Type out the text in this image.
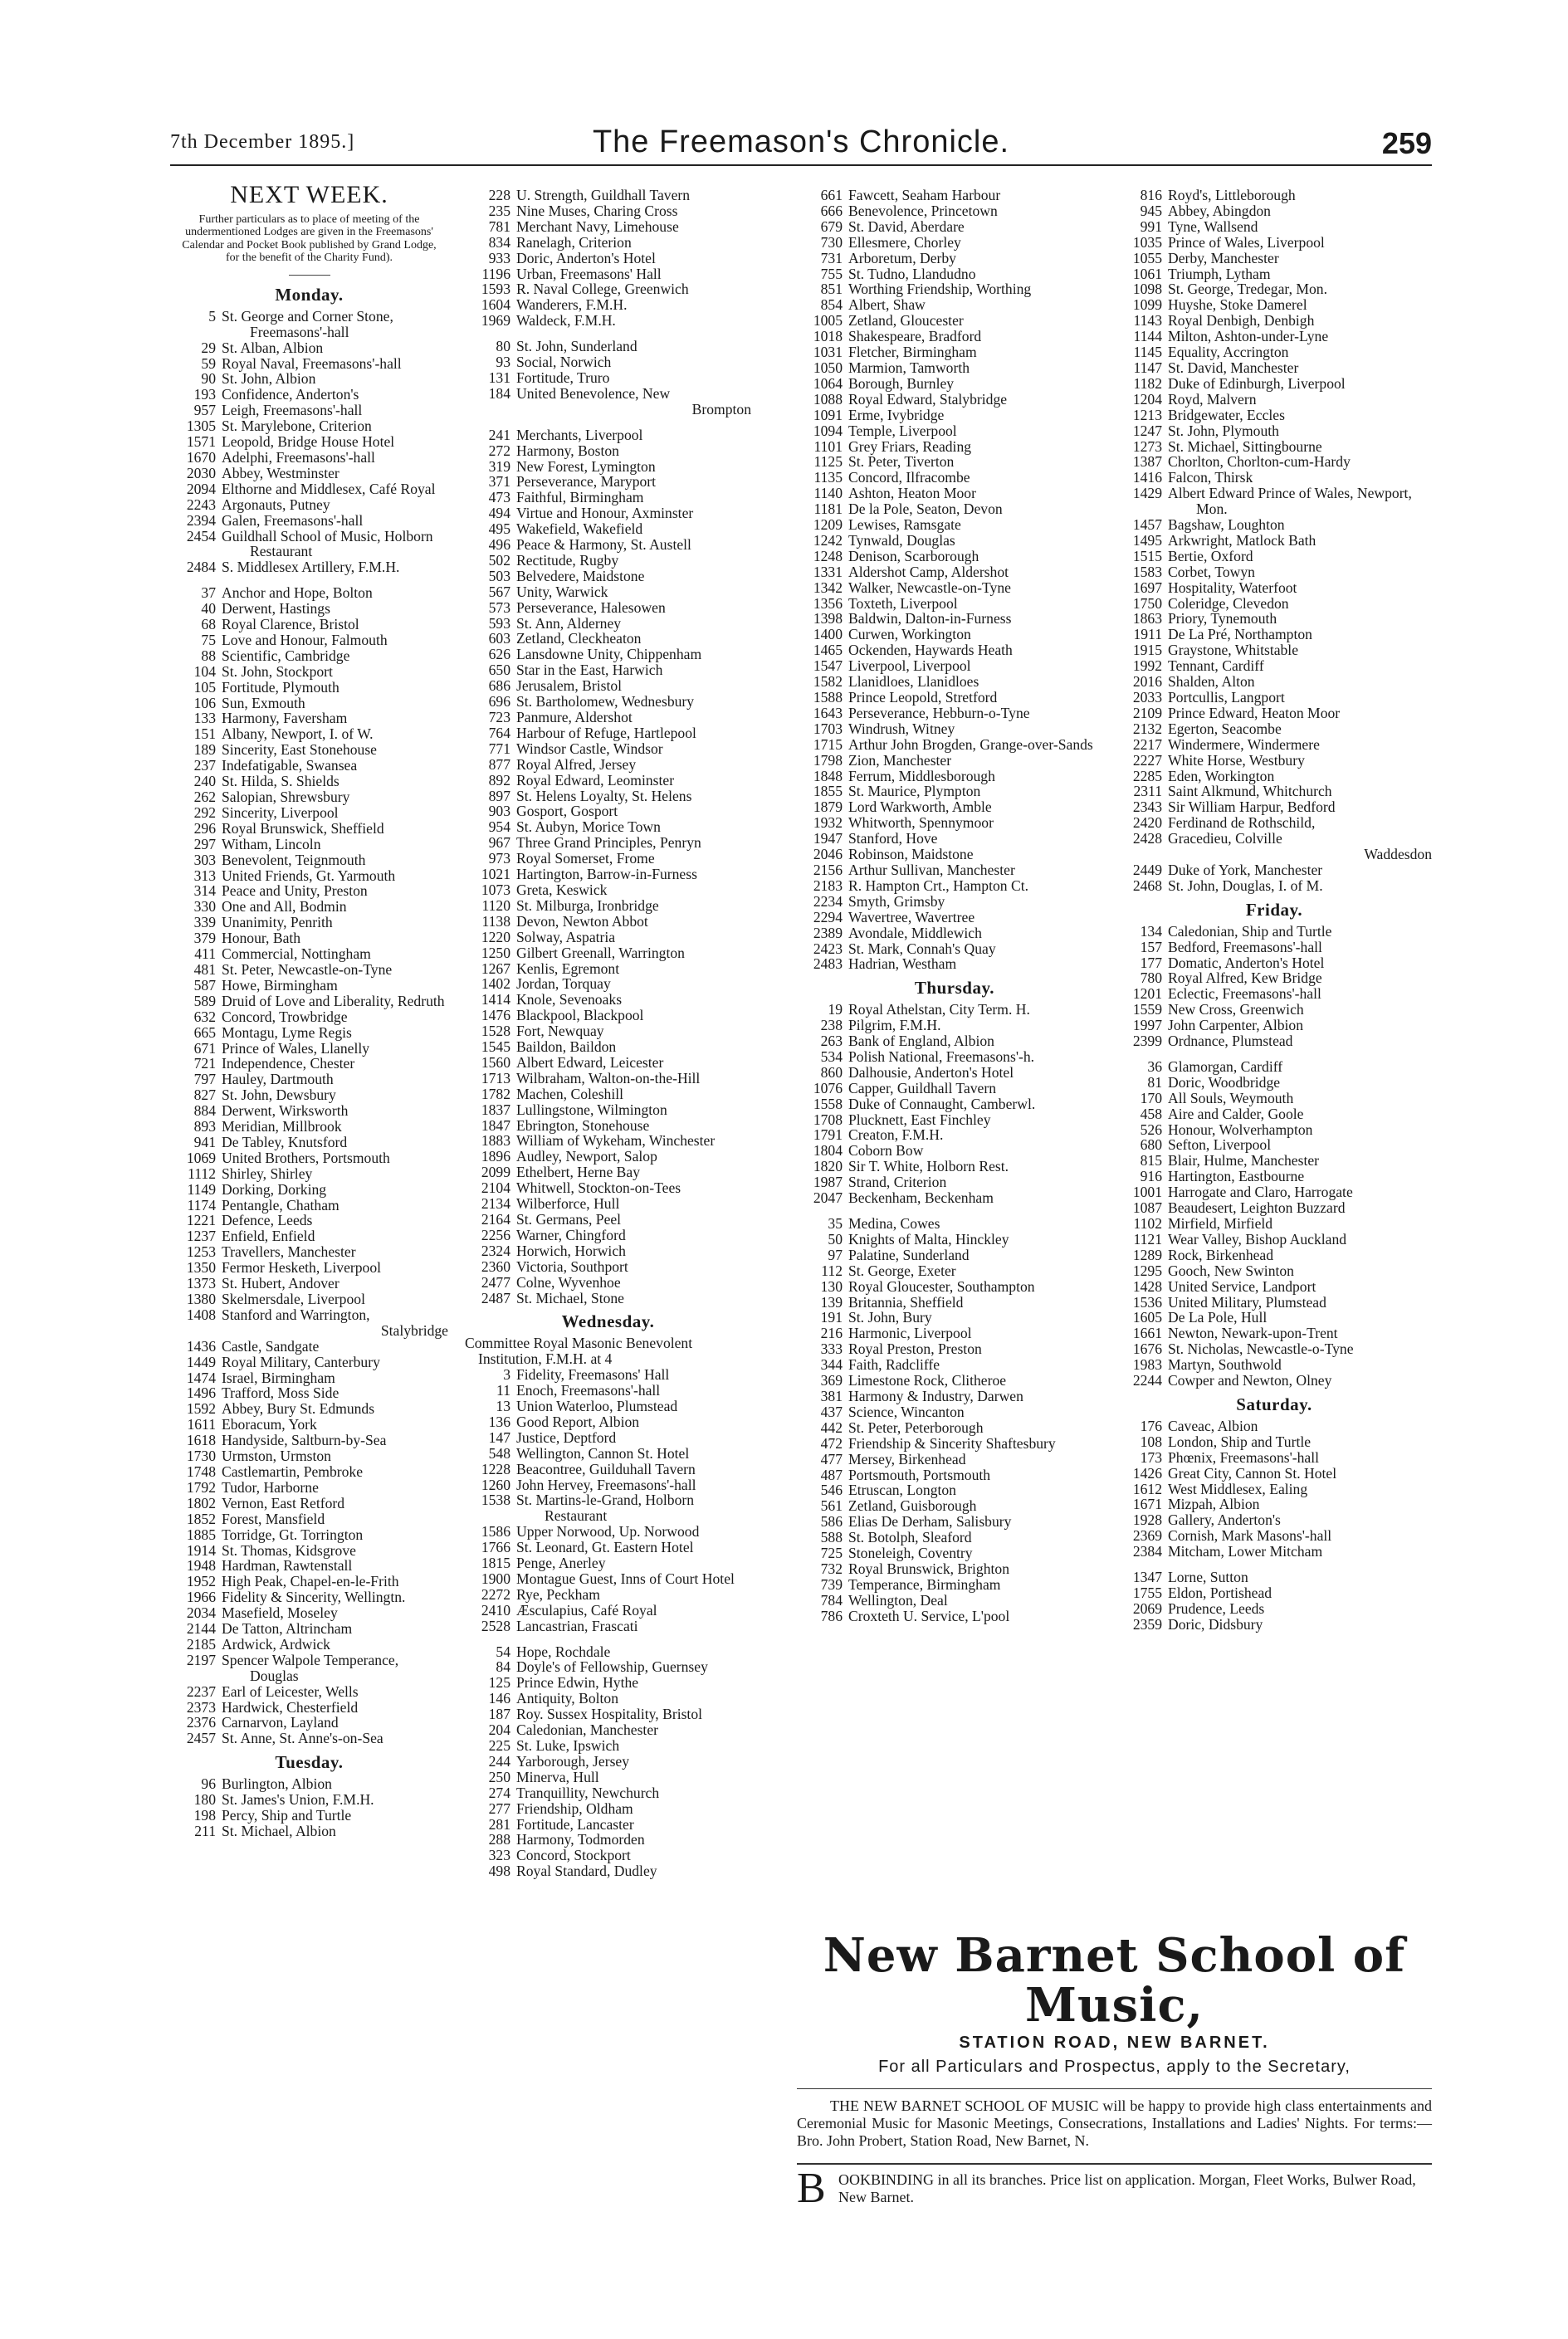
7th December 1895.]	The Freemason's Chronicle.	259
NEXT WEEK.
Further particulars as to place of meeting of the undermentioned Lodges are given in the Freemasons' Calendar and Pocket Book published by Grand Lodge, for the benefit of the Charity Fund).
Monday.
5 St. George and Corner Stone, Freemasons'-hall
29 St. Alban, Albion
59 Royal Naval, Freemasons'-hall
90 St. John, Albion
193 Confidence, Anderton's
957 Leigh, Freemasons'-hall
1305 St. Marylebone, Criterion
1571 Leopold, Bridge House Hotel
1670 Adelphi, Freemasons'-hall
2030 Abbey, Westminster
2094 Elthorne and Middlesex, Café Royal
2243 Argonauts, Putney
2394 Galen, Freemasons'-hall
2454 Guildhall School of Music, Holborn Restaurant
2484 S. Middlesex Artillery, F.M.H.
37 Anchor and Hope, Bolton
40 Derwent, Hastings
68 Royal Clarence, Bristol
75 Love and Honour, Falmouth
88 Scientific, Cambridge
104 St. John, Stockport
105 Fortitude, Plymouth
106 Sun, Exmouth
133 Harmony, Faversham
151 Albany, Newport, I. of W.
189 Sincerity, East Stonehouse
237 Indefatigable, Swansea
240 St. Hilda, S. Shields
262 Salopian, Shrewsbury
292 Sincerity, Liverpool
296 Royal Brunswick, Sheffield
297 Witham, Lincoln
303 Benevolent, Teignmouth
313 United Friends, Gt. Yarmouth
314 Peace and Unity, Preston
330 One and All, Bodmin
339 Unanimity, Penrith
379 Honour, Bath
411 Commercial, Nottingham
481 St. Peter, Newcastle-on-Tyne
587 Howe, Birmingham
589 Druid of Love and Liberality, Redruth
632 Concord, Trowbridge
665 Montagu, Lyme Regis
671 Prince of Wales, Llanelly
721 Independence, Chester
797 Hauley, Dartmouth
827 St. John, Dewsbury
884 Derwent, Wirksworth
893 Meridian, Millbrook
941 De Tabley, Knutsford
1069 United Brothers, Portsmouth
1112 Shirley, Shirley
1149 Dorking, Dorking
1174 Pentangle, Chatham
1221 Defence, Leeds
1237 Enfield, Enfield
1253 Travellers, Manchester
1350 Fermor Hesketh, Liverpool
1373 St. Hubert, Andover
1380 Skelmersdale, Liverpool
1408 Stanford and Warrington,

Stalybridge
1436 Castle, Sandgate
1449 Royal Military, Canterbury
1474 Israel, Birmingham
1496 Trafford, Moss Side
1592 Abbey, Bury St. Edmunds
1611 Eboracum, York
1618 Handyside, Saltburn-by-Sea
1730 Urmston, Urmston
1748 Castlemartin, Pembroke
1792 Tudor, Harborne
1802 Vernon, East Retford
1852 Forest, Mansfield
1885 Torridge, Gt. Torrington
1914 St. Thomas, Kidsgrove
1948 Hardman, Rawtenstall
1952 High Peak, Chapel-en-le-Frith
1966 Fidelity & Sincerity, Wellingtn.
2034 Masefield, Moseley
2144 De Tatton, Altrincham
2185 Ardwick, Ardwick
2197 Spencer Walpole Temperance, Douglas
2237 Earl of Leicester, Wells
2373 Hardwick, Chesterfield
2376 Carnarvon, Layland
2457 St. Anne, St. Anne's-on-Sea
Tuesday.
96 Burlington, Albion
180 St. James's Union, F.M.H.
198 Percy, Ship and Turtle
211 St. Michael, Albion
228 U. Strength, Guildhall Tavern
235 Nine Muses, Charing Cross
781 Merchant Navy, Limehouse
834 Ranelagh, Criterion
933 Doric, Anderton's Hotel
1196 Urban, Freemasons' Hall
1593 R. Naval College, Greenwich
1604 Wanderers, F.M.H.
1969 Waldeck, F.M.H.
80 St. John, Sunderland
93 Social, Norwich
131 Fortitude, Truro
184 United Benevolence, New

Brompton
241 Merchants, Liverpool
272 Harmony, Boston
319 New Forest, Lymington
371 Perseverance, Maryport
473 Faithful, Birmingham
494 Virtue and Honour, Axminster
495 Wakefield, Wakefield
496 Peace & Harmony, St. Austell
502 Rectitude, Rugby
503 Belvedere, Maidstone
567 Unity, Warwick
573 Perseverance, Halesowen
593 St. Ann, Alderney
603 Zetland, Cleckheaton
626 Lansdowne Unity, Chippenham
650 Star in the East, Harwich
686 Jerusalem, Bristol
696 St. Bartholomew, Wednesbury
723 Panmure, Aldershot
764 Harbour of Refuge, Hartlepool
771 Windsor Castle, Windsor
877 Royal Alfred, Jersey
892 Royal Edward, Leominster
897 St. Helens Loyalty, St. Helens
903 Gosport, Gosport
954 St. Aubyn, Morice Town
967 Three Grand Principles, Penryn
973 Royal Somerset, Frome
1021 Hartington, Barrow-in-Furness
1073 Greta, Keswick
1120 St. Milburga, Ironbridge
1138 Devon, Newton Abbot
1220 Solway, Aspatria
1250 Gilbert Greenall, Warrington
1267 Kenlis, Egremont
1402 Jordan, Torquay
1414 Knole, Sevenoaks
1476 Blackpool, Blackpool
1528 Fort, Newquay
1545 Baildon, Baildon
1560 Albert Edward, Leicester
1713 Wilbraham, Walton-on-the-Hill
1782 Machen, Coleshill
1837 Lullingstone, Wilmington
1847 Ebrington, Stonehouse
1883 William of Wykeham, Winchester
1896 Audley, Newport, Salop
2099 Ethelbert, Herne Bay
2104 Whitwell, Stockton-on-Tees
2134 Wilberforce, Hull
2164 St. Germans, Peel
2256 Warner, Chingford
2324 Horwich, Horwich
2360 Victoria, Southport
2477 Colne, Wyvenhoe
2487 St. Michael, Stone
Wednesday.
Committee Royal Masonic Benevolent Institution, F.M.H. at 4
3 Fidelity, Freemasons' Hall
11 Enoch, Freemasons'-hall
13 Union Waterloo, Plumstead
136 Good Report, Albion
147 Justice, Deptford
548 Wellington, Cannon St. Hotel
1228 Beacontree, Guilduhall Tavern
1260 John Hervey, Freemasons'-hall
1538 St. Martins-le-Grand, Holborn Restaurant
1586 Upper Norwood, Up. Norwood
1766 St. Leonard, Gt. Eastern Hotel
1815 Penge, Anerley
1900 Montague Guest, Inns of Court Hotel
2272 Rye, Peckham
2410 Æsculapius, Café Royal
2528 Lancastrian, Frascati
54 Hope, Rochdale
84 Doyle's of Fellowship, Guernsey
125 Prince Edwin, Hythe
146 Antiquity, Bolton
187 Roy. Sussex Hospitality, Bristol
204 Caledonian, Manchester
225 St. Luke, Ipswich
244 Yarborough, Jersey
250 Minerva, Hull
274 Tranquillity, Newchurch
277 Friendship, Oldham
281 Fortitude, Lancaster
288 Harmony, Todmorden
323 Concord, Stockport
498 Royal Standard, Dudley
661 Fawcett, Seaham Harbour
666 Benevolence, Princetown
679 St. David, Aberdare
730 Ellesmere, Chorley
731 Arboretum, Derby
755 St. Tudno, Llandudno
851 Worthing Friendship, Worthing
854 Albert, Shaw
1005 Zetland, Gloucester
1018 Shakespeare, Bradford
1031 Fletcher, Birmingham
1050 Marmion, Tamworth
1064 Borough, Burnley
1088 Royal Edward, Stalybridge
1091 Erme, Ivybridge
1094 Temple, Liverpool
1101 Grey Friars, Reading
1125 St. Peter, Tiverton
1135 Concord, Ilfracombe
1140 Ashton, Heaton Moor
1181 De la Pole, Seaton, Devon
1209 Lewises, Ramsgate
1242 Tynwald, Douglas
1248 Denison, Scarborough
1331 Aldershot Camp, Aldershot
1342 Walker, Newcastle-on-Tyne
1356 Toxteth, Liverpool
1398 Baldwin, Dalton-in-Furness
1400 Curwen, Workington
1465 Ockenden, Haywards Heath
1547 Liverpool, Liverpool
1582 Llanidloes, Llanidloes
1588 Prince Leopold, Stretford
1643 Perseverance, Hebburn-o-Tyne
1703 Windrush, Witney
1715 Arthur John Brogden, Grange-over-Sands
1798 Zion, Manchester
1848 Ferrum, Middlesborough
1855 St. Maurice, Plympton
1879 Lord Warkworth, Amble
1932 Whitworth, Spennymoor
1947 Stanford, Hove
2046 Robinson, Maidstone
2156 Arthur Sullivan, Manchester
2183 R. Hampton Crt., Hampton Ct.
2234 Smyth, Grimsby
2294 Wavertree, Wavertree
2389 Avondale, Middlewich
2423 St. Mark, Connah's Quay
2483 Hadrian, Westham
Thursday.
19 Royal Athelstan, City Term. H.
238 Pilgrim, F.M.H.
263 Bank of England, Albion
534 Polish National, Freemasons'-h.
860 Dalhousie, Anderton's Hotel
1076 Capper, Guildhall Tavern
1558 Duke of Connaught, Camberwl.
1708 Plucknett, East Finchley
1791 Creaton, F.M.H.
1804 Coborn Bow
1820 Sir T. White, Holborn Rest.
1987 Strand, Criterion
2047 Beckenham, Beckenham
35 Medina, Cowes
50 Knights of Malta, Hinckley
97 Palatine, Sunderland
112 St. George, Exeter
130 Royal Gloucester, Southampton
139 Britannia, Sheffield
191 St. John, Bury
216 Harmonic, Liverpool
333 Royal Preston, Preston
344 Faith, Radcliffe
369 Limestone Rock, Clitheroe
381 Harmony & Industry, Darwen
437 Science, Wincanton
442 St. Peter, Peterborough
472 Friendship & Sincerity Shaftesbury
477 Mersey, Birkenhead
487 Portsmouth, Portsmouth
546 Etruscan, Longton
561 Zetland, Guisborough
586 Elias De Derham, Salisbury
588 St. Botolph, Sleaford
725 Stoneleigh, Coventry
732 Royal Brunswick, Brighton
739 Temperance, Birmingham
784 Wellington, Deal
786 Croxteth U. Service, L'pool
816 Royd's, Littleborough
945 Abbey, Abingdon
991 Tyne, Wallsend
1035 Prince of Wales, Liverpool
1055 Derby, Manchester
1061 Triumph, Lytham
1098 St. George, Tredegar, Mon.
1099 Huyshe, Stoke Damerel
1143 Royal Denbigh, Denbigh
1144 Milton, Ashton-under-Lyne
1145 Equality, Accrington
1147 St. David, Manchester
1182 Duke of Edinburgh, Liverpool
1204 Royd, Malvern
1213 Bridgewater, Eccles
1247 St. John, Plymouth
1273 St. Michael, Sittingbourne
1387 Chorlton, Chorlton-cum-Hardy
1416 Falcon, Thirsk
1429 Albert Edward Prince of Wales, Newport, Mon.
1457 Bagshaw, Loughton
1495 Arkwright, Matlock Bath
1515 Bertie, Oxford
1583 Corbet, Towyn
1697 Hospitality, Waterfoot
1750 Coleridge, Clevedon
1863 Priory, Tynemouth
1911 De La Pré, Northampton
1915 Graystone, Whitstable
1992 Tennant, Cardiff
2016 Shalden, Alton
2033 Portcullis, Langport
2109 Prince Edward, Heaton Moor
2132 Egerton, Seacombe
2217 Windermere, Windermere
2227 White Horse, Westbury
2285 Eden, Workington
2311 Saint Alkmund, Whitchurch
2343 Sir William Harpur, Bedford
2420 Ferdinand de Rothschild,
2428 Gracedieu, Colville

Waddesdon
2449 Duke of York, Manchester
2468 St. John, Douglas, I. of M.
Friday.
134 Caledonian, Ship and Turtle
157 Bedford, Freemasons'-hall
177 Domatic, Anderton's Hotel
780 Royal Alfred, Kew Bridge
1201 Eclectic, Freemasons'-hall
1559 New Cross, Greenwich
1997 John Carpenter, Albion
2399 Ordnance, Plumstead
36 Glamorgan, Cardiff
81 Doric, Woodbridge
170 All Souls, Weymouth
458 Aire and Calder, Goole
526 Honour, Wolverhampton
680 Sefton, Liverpool
815 Blair, Hulme, Manchester
916 Hartington, Eastbourne
1001 Harrogate and Claro, Harrogate
1087 Beaudesert, Leighton Buzzard
1102 Mirfield, Mirfield
1121 Wear Valley, Bishop Auckland
1289 Rock, Birkenhead
1295 Gooch, New Swinton
1428 United Service, Landport
1536 United Military, Plumstead
1605 De La Pole, Hull
1661 Newton, Newark-upon-Trent
1676 St. Nicholas, Newcastle-o-Tyne
1983 Martyn, Southwold
2244 Cowper and Newton, Olney
Saturday.
176 Caveac, Albion
108 London, Ship and Turtle
173 Phœnix, Freemasons'-hall
1426 Great City, Cannon St. Hotel
1612 West Middlesex, Ealing
1671 Mizpah, Albion
1928 Gallery, Anderton's
2369 Cornish, Mark Masons'-hall
2384 Mitcham, Lower Mitcham
1347 Lorne, Sutton
1755 Eldon, Portishead
2069 Prudence, Leeds
2359 Doric, Didsbury
New Barnet School of Music,
STATION ROAD, NEW BARNET.
For all Particulars and Prospectus, apply to the Secretary,
THE NEW BARNET SCHOOL OF MUSIC will be happy to provide high class entertainments and Ceremonial Music for Masonic Meetings, Consecrations, Installations and Ladies' Nights. For terms:—Bro. John Probert, Station Road, New Barnet, N.
B OOKBINDING in all its branches. Price list on application. Morgan, Fleet Works, Bulwer Road, New Barnet.
